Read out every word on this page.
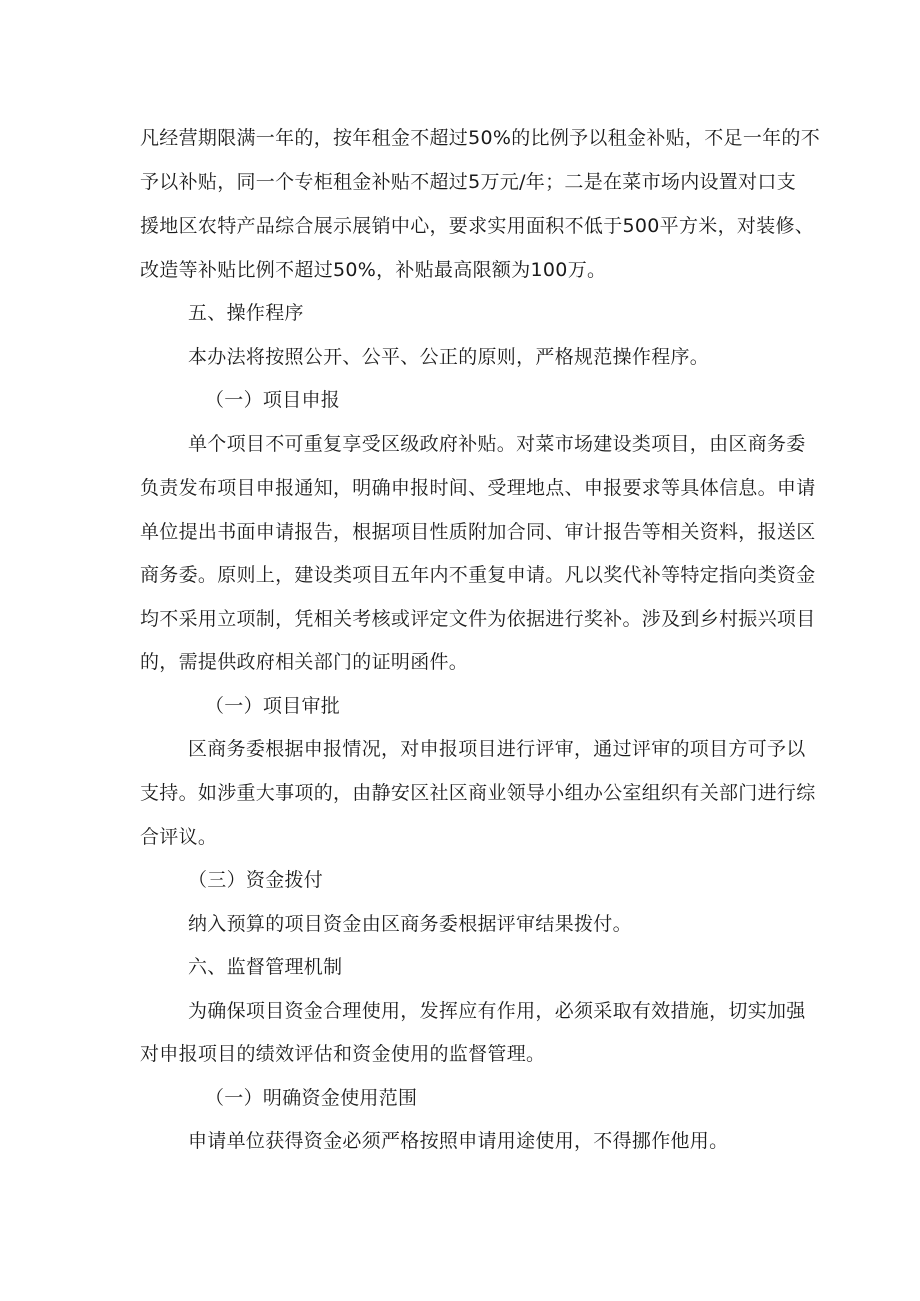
凡经营期限满一年的，按年租金不超过50%的比例予以租金补贴，不足一年的不
予以补贴，同一个专柜租金补贴不超过5万元/年；二是在菜市场内设置对口支
援地区农特产品综合展示展销中心，要求实用面积不低于500平方米，对装修、
改造等补贴比例不超过50%，补贴最高限额为100万。
五、操作程序
本办法将按照公开、公平、公正的原则，严格规范操作程序。
（一）项目申报
单个项目不可重复享受区级政府补贴。对菜市场建设类项目，由区商务委
负责发布项目申报通知，明确申报时间、受理地点、申报要求等具体信息。申请
单位提出书面申请报告，根据项目性质附加合同、审计报告等相关资料，报送区
商务委。原则上，建设类项目五年内不重复申请。凡以奖代补等特定指向类资金
均不采用立项制，凭相关考核或评定文件为依据进行奖补。涉及到乡村振兴项目
的，需提供政府相关部门的证明函件。
（一）项目审批
区商务委根据申报情况，对申报项目进行评审，通过评审的项目方可予以
支持。如涉重大事项的，由静安区社区商业领导小组办公室组织有关部门进行综
合评议。
（三）资金拨付
纳入预算的项目资金由区商务委根据评审结果拨付。
六、监督管理机制
为确保项目资金合理使用，发挥应有作用，必须采取有效措施，切实加强
对申报项目的绩效评估和资金使用的监督管理。
（一）明确资金使用范围
申请单位获得资金必须严格按照申请用途使用，不得挪作他用。
